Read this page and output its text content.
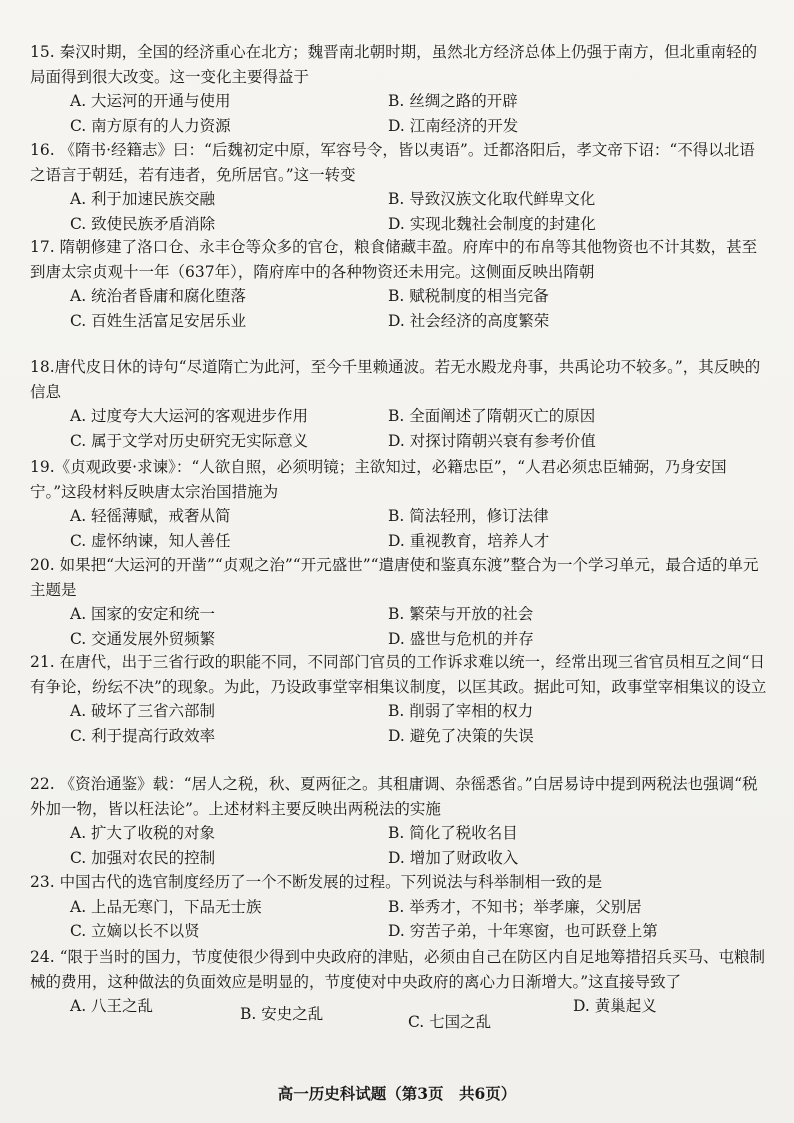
15. 秦汉时期，全国的经济重心在北方；魏晋南北朝时期，虽然北方经济总体上仍强于南方，但北重南轻的局面得到很大改变。这一变化主要得益于

A. 大运河的开通与使用	B. 丝绸之路的开辟
C. 南方原有的人力资源	D. 江南经济的开发

16. 《隋书·经籍志》曰：“后魏初定中原，军容号令，皆以夷语”。迁都洛阳后，孝文帝下诏：“不得以北语之语言于朝廷，若有违者，免所居官。”这一转变

A. 利于加速民族交融	B. 导致汉族文化取代鲜卑文化
C. 致使民族矛盾消除	D. 实现北魏社会制度的封建化

17. 隋朝修建了洛口仓、永丰仓等众多的官仓，粮食储藏丰盈。府库中的布帛等其他物资也不计其数，甚至到唐太宗贞观十一年（637年），隋府库中的各种物资还未用完。这侧面反映出隋朝

A. 统治者昏庸和腐化堕落	B. 赋税制度的相当完备
C. 百姓生活富足安居乐业	D. 社会经济的高度繁荣

18.唐代皮日休的诗句“尽道隋亡为此河，至今千里赖通波。若无水殿龙舟事，共禹论功不较多。”，其反映的信息

A. 过度夸大大运河的客观进步作用	B. 全面阐述了隋朝灭亡的原因
C. 属于文学对历史研究无实际意义	D. 对探讨隋朝兴衰有参考价值

19.《贞观政要·求谏》：“人欲自照，必须明镜；主欲知过，必籍忠臣”，“人君必须忠臣辅弼，乃身安国宁。”这段材料反映唐太宗治国措施为

A. 轻徭薄赋，戒奢从简	B. 简法轻刑，修订法律
C. 虚怀纳谏，知人善任	D. 重视教育，培养人才

20. 如果把“大运河的开凿”“贞观之治”“开元盛世”“遣唐使和鉴真东渡”整合为一个学习单元，最合适的单元主题是

A. 国家的安定和统一	B. 繁荣与开放的社会
C. 交通发展外贸频繁	D. 盛世与危机的并存

21. 在唐代，出于三省行政的职能不同，不同部门官员的工作诉求难以统一，经常出现三省官员相互之间“日有争论，纷纭不决”的现象。为此，乃设政事堂宰相集议制度，以匡其政。据此可知，政事堂宰相集议的设立

A. 破坏了三省六部制	B. 削弱了宰相的权力
C. 利于提高行政效率	D. 避免了决策的失误

22. 《资治通鉴》载：“居人之税，秋、夏两征之。其租庸调、杂徭悉省。”白居易诗中提到两税法也强调“税外加一物，皆以枉法论”。上述材料主要反映出两税法的实施

A. 扩大了收税的对象	B. 简化了税收名目
C. 加强对农民的控制	D. 增加了财政收入

23. 中国古代的选官制度经历了一个不断发展的过程。下列说法与科举制相一致的是

A. 上品无寒门，下品无士族	B. 举秀才，不知书；举孝廉，父别居
C. 立嫡以长不以贤	D. 穷苦子弟，十年寒窗，也可跃登上第

24. “限于当时的国力，节度使很少得到中央政府的津贴，必须由自己在防区内自足地筹措招兵买马、屯粮制械的费用，这种做法的负面效应是明显的，节度使对中央政府的离心力日渐增大。”这直接导致了

A. 八王之乱	B. 安史之乱	C. 七国之乱
D. 黄巢起义
高一历史科试题（第3页　共6页）
